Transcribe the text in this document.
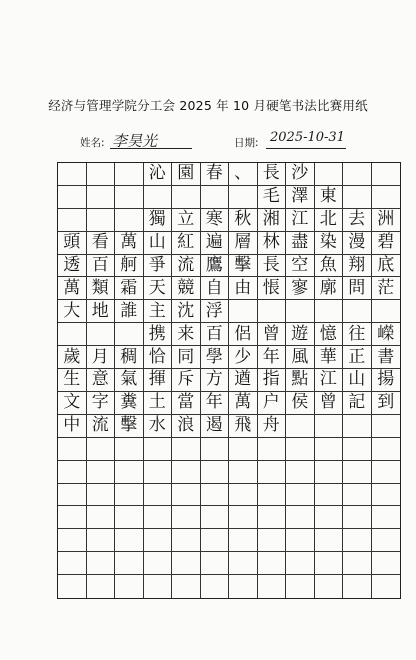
经济与管理学院分工会 2025 年 10 月硬笔书法比赛用纸
姓名: 李昊光	日期: 2025-10-31
沁 園 春 、 長 沙
毛 澤 東
獨 立 寒 秋 湘 江 北 去 洲
頭 看 萬 山 紅 遍 層 林 盡 染 漫 碧
透 百 舸 爭 流 鷹 擊 長 空 魚 翔 底
萬 類 霜 天 競 自 由 悵 寥 廓 問 茫
大 地 誰 主 沈 浮
携 来 百 侶 曾 遊 憶 往 嶸
歲 月 稠 恰 同 學 少 年 風 華 正 書
生 意 氣 揮 斥 方 遒 指 點 江 山 揚
文 字 糞 土 當 年 萬 户 侯 曾 記 到
中 流 擊 水 浪 遏 飛 舟
